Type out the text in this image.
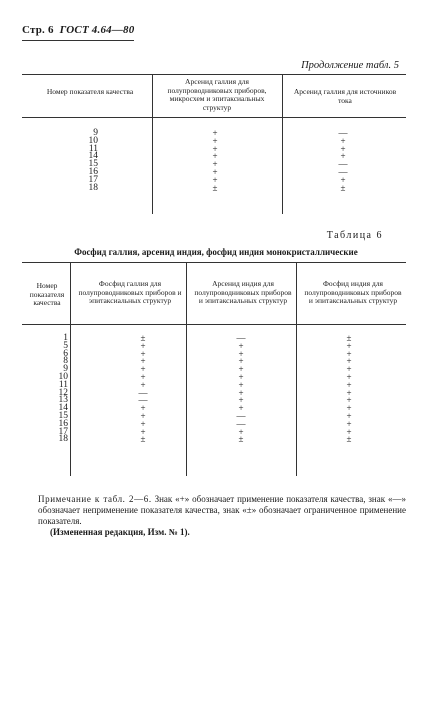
Стр. 6 ГОСТ 4.64—80
Продолжение табл. 5
Номер показателя качества
Арсенид галлия для полупроводниковых приборов, микросхем и эпитаксиальных структур
Арсенид галлия для источников тока
9
10
11
14
15
16
17
18
+
+
+
+
+
+
+
±
—
+
+
+
—
—
+
±
Таблица 6
Фосфид галлия, арсенид индия, фосфид индия монокристаллические
Номер показателя качества
Фосфид галлия для полупроводниковых приборов и эпитаксиальных структур
Арсенид индия для полупроводниковых приборов и эпитаксиальных структур
Фосфид индия для полупроводниковых приборов и эпитаксиальных структур
1
5
6
8
9
10
11
12
13
14
15
16
17
18
±
+
+
+
+
+
+
—
—
+
+
+
+
±
—
+
+
+
+
+
+
+
+
+
—
—
+
±
±
+
+
+
+
+
+
+
+
+
+
+
+
±
Примечание к табл. 2—6. Знак «+» обозначает применение показателя качества, знак «—» обозначает неприменение показателя качества, знак «±» обозначает ограниченное применение показателя.
(Измененная редакция, Изм. № 1).
